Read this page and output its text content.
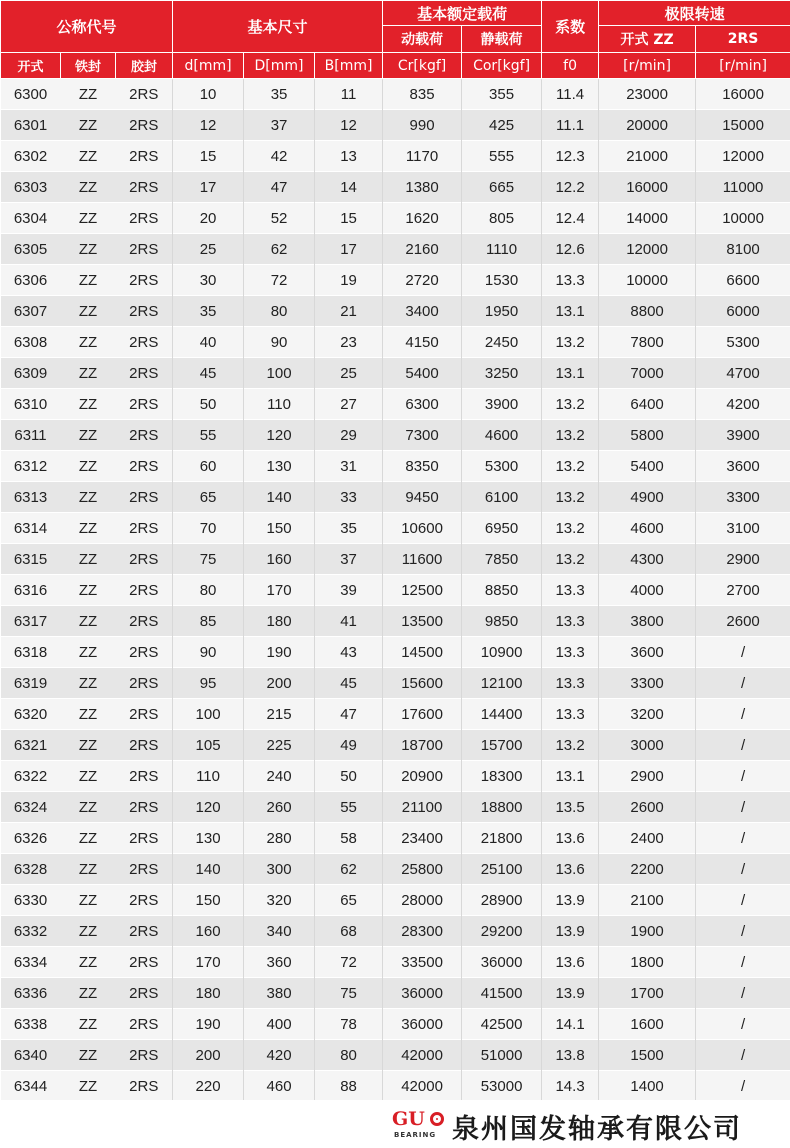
公称代号			基本尺寸			基本额定载荷		系数	极限转速	
						动载荷	静载荷		开式 ZZ	2RS
开式	铁封	胶封	d[mm]	D[mm]	B[mm]	Cr[kgf]	Cor[kgf]	f0	[r/min]	[r/min]
6300	ZZ	2RS	10	35	11	835	355	11.4	23000	16000
6301	ZZ	2RS	12	37	12	990	425	11.1	20000	15000
6302	ZZ	2RS	15	42	13	1170	555	12.3	21000	12000
6303	ZZ	2RS	17	47	14	1380	665	12.2	16000	11000
6304	ZZ	2RS	20	52	15	1620	805	12.4	14000	10000
6305	ZZ	2RS	25	62	17	2160	1110	12.6	12000	8100
6306	ZZ	2RS	30	72	19	2720	1530	13.3	10000	6600
6307	ZZ	2RS	35	80	21	3400	1950	13.1	8800	6000
6308	ZZ	2RS	40	90	23	4150	2450	13.2	7800	5300
6309	ZZ	2RS	45	100	25	5400	3250	13.1	7000	4700
6310	ZZ	2RS	50	110	27	6300	3900	13.2	6400	4200
6311	ZZ	2RS	55	120	29	7300	4600	13.2	5800	3900
6312	ZZ	2RS	60	130	31	8350	5300	13.2	5400	3600
6313	ZZ	2RS	65	140	33	9450	6100	13.2	4900	3300
6314	ZZ	2RS	70	150	35	10600	6950	13.2	4600	3100
6315	ZZ	2RS	75	160	37	11600	7850	13.2	4300	2900
6316	ZZ	2RS	80	170	39	12500	8850	13.3	4000	2700
6317	ZZ	2RS	85	180	41	13500	9850	13.3	3800	2600
6318	ZZ	2RS	90	190	43	14500	10900	13.3	3600	/
6319	ZZ	2RS	95	200	45	15600	12100	13.3	3300	/
6320	ZZ	2RS	100	215	47	17600	14400	13.3	3200	/
6321	ZZ	2RS	105	225	49	18700	15700	13.2	3000	/
6322	ZZ	2RS	110	240	50	20900	18300	13.1	2900	/
6324	ZZ	2RS	120	260	55	21100	18800	13.5	2600	/
6326	ZZ	2RS	130	280	58	23400	21800	13.6	2400	/
6328	ZZ	2RS	140	300	62	25800	25100	13.6	2200	/
6330	ZZ	2RS	150	320	65	28000	28900	13.9	2100	/
6332	ZZ	2RS	160	340	68	28300	29200	13.9	1900	/
6334	ZZ	2RS	170	360	72	33500	36000	13.6	1800	/
6336	ZZ	2RS	180	380	75	36000	41500	13.9	1700	/
6338	ZZ	2RS	190	400	78	36000	42500	14.1	1600	/
6340	ZZ	2RS	200	420	80	42000	51000	13.8	1500	/
6344	ZZ	2RS	220	460	88	42000	53000	14.3	1400	/
GU
BEARING 泉州国发轴承有限公司
